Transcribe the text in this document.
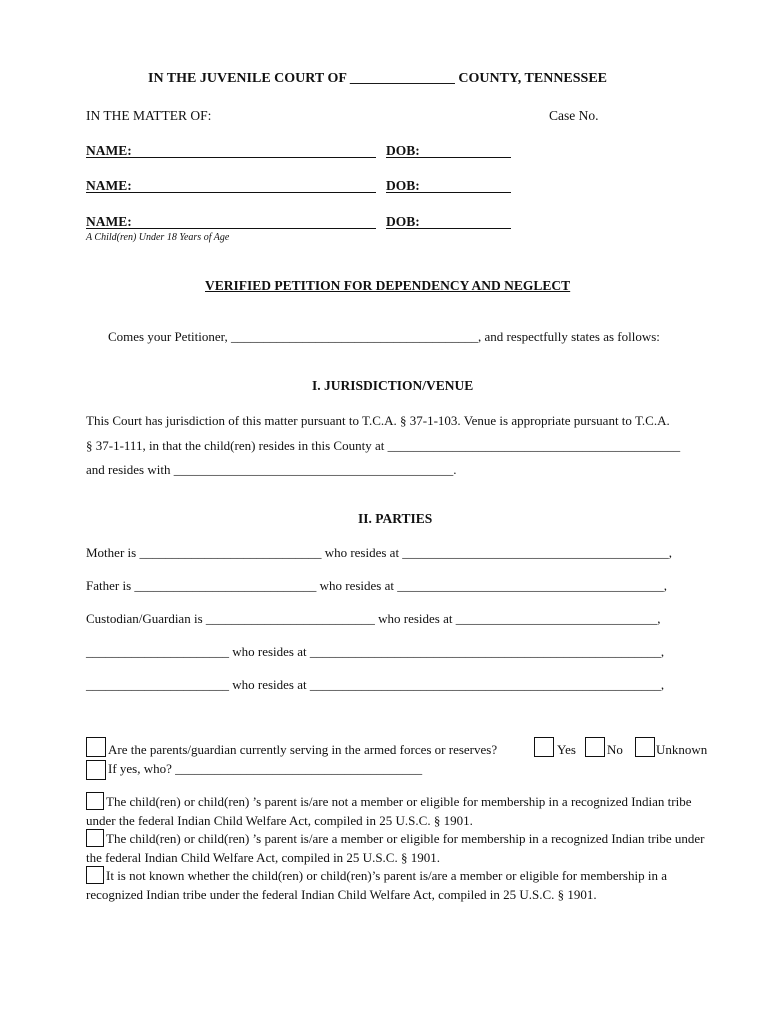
IN THE JUVENILE COURT OF _______________ COUNTY, TENNESSEE
IN THE MATTER OF:	Case No.
NAME:	DOB:
NAME:	DOB:
NAME:	DOB:
A Child(ren) Under 18 Years of Age
VERIFIED PETITION FOR DEPENDENCY AND NEGLECT
Comes your Petitioner, ______________________________________, and respectfully states as follows:
I. JURISDICTION/VENUE
This Court has jurisdiction of this matter pursuant to T.C.A. § 37-1-103. Venue is appropriate pursuant to T.C.A.
§ 37-1-111, in that the child(ren) resides in this County at _____________________________________________
and resides with ___________________________________________.
II. PARTIES
Mother is ____________________________ who resides at _________________________________________,
Father is ____________________________ who resides at _________________________________________,
Custodian/Guardian is __________________________ who resides at _______________________________,
______________________ who resides at ______________________________________________________,
______________________ who resides at ______________________________________________________,
Are the parents/guardian currently serving in the armed forces or reserves?	Yes No	Unknown
If yes, who? ______________________________________
The child(ren) or child(ren) ’s parent is/are not a member or eligible for membership in a recognized Indian tribe under the federal Indian Child Welfare Act, compiled in 25 U.S.C. § 1901.
The child(ren) or child(ren) ’s parent is/are a member or eligible for membership in a recognized Indian tribe under the federal Indian Child Welfare Act, compiled in 25 U.S.C. § 1901.
It is not known whether the child(ren) or child(ren)’s parent is/are a member or eligible for membership in a recognized Indian tribe under the federal Indian Child Welfare Act, compiled in 25 U.S.C. § 1901.
